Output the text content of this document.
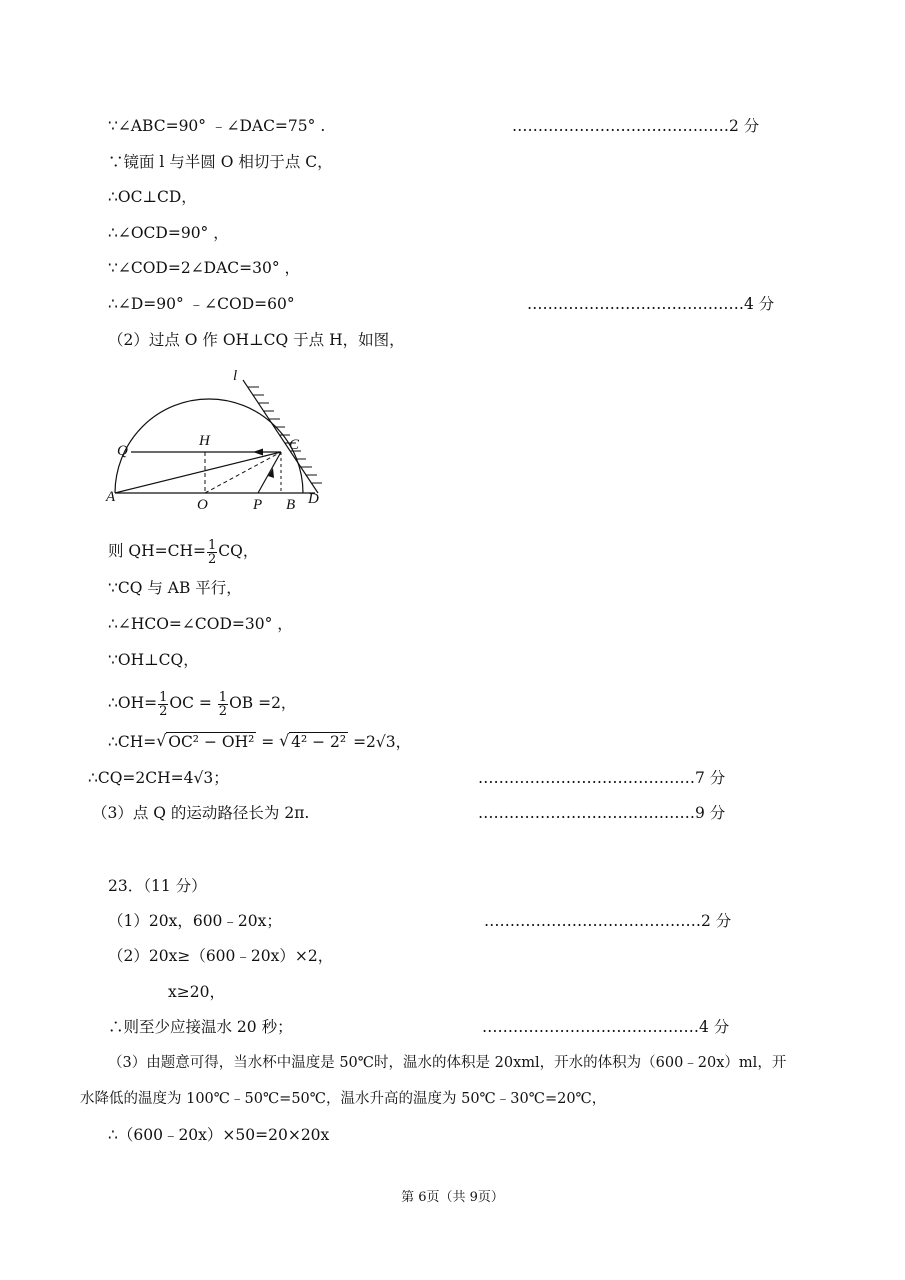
∵∠ABC=90° ﹣∠DAC=75° .	……………………………………2 分
∵镜面 l 与半圆 O 相切于点 C，
∴OC⊥CD，
∴∠OCD=90° ，
∵∠COD=2∠DAC=30° ，
∴∠D=90° ﹣∠COD=60°	……………………………………4 分
（2）过点 O 作 OH⊥CQ 于点 H，如图，
l
Q
H	C
A	O	P B D
则 $QH=CH= \frac{1}{2}$ CQ，
∵CQ 与 AB 平行，
∴∠HCO=∠COD=30° ，
∵OH⊥CQ，
∴OH= $\frac{1}{2}$ OC = $\frac{1}{2}$ OB =2，
∴CH=√ OC² − OH² = √ 4² − 2² =2√3，
∴CQ=2CH=4√3；	……………………………………7 分
（3）点 Q 的运动路径长为 2π.	……………………………………9 分
23．（11 分）
（1）20x，600﹣20x；	……………………………………2 分
（2）20x≥（600﹣20x）×2，
x≥20，
∴则至少应接温水 20 秒；	……………………………………4 分
（3）由题意可得，当水杯中温度是 50℃时，温水的体积是 20xml，开水的体积为（600﹣20x）ml，开
水降低的温度为 100℃﹣50℃=50℃，温水升高的温度为 50℃﹣30℃=20℃，
∴（600﹣20x）×50=20×20x
第 6页（共 9页）
